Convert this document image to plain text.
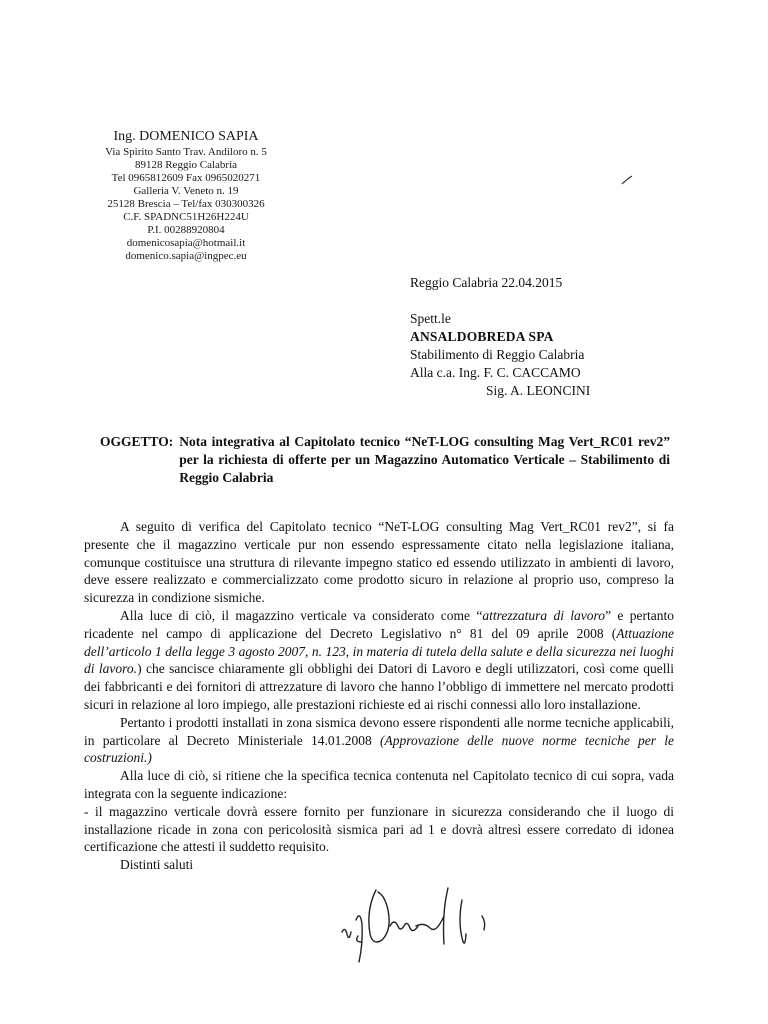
Ing. DOMENICO SAPIA
Via Spirito Santo Trav. Andiloro n. 5
89128 Reggio Calabria
Tel 0965812609 Fax 0965020271
Galleria V. Veneto n. 19
25128 Brescia – Tel/fax 030300326
C.F. SPADNC51H26H224U
P.I. 00288920804
domenicosapia@hotmail.it
domenico.sapia@ingpec.eu
Reggio Calabria 22.04.2015
Spett.le
ANSALDOBREDA SPA
Stabilimento di Reggio Calabria
Alla c.a. Ing. F. C. CACCAMO
Sig. A. LEONCINI
OGGETTO: Nota integrativa al Capitolato tecnico “NeT-LOG consulting Mag Vert_RC01 rev2” per la richiesta di offerte per un Magazzino Automatico Verticale – Stabilimento di Reggio Calabria

A seguito di verifica del Capitolato tecnico “NeT-LOG consulting Mag Vert_RC01 rev2”, si fa presente che il magazzino verticale pur non essendo espressamente citato nella legislazione italiana, comunque costituisce una struttura di rilevante impegno statico ed essendo utilizzato in ambienti di lavoro, deve essere realizzato e commercializzato come prodotto sicuro in relazione al proprio uso, compreso la sicurezza in condizione sismiche.

Alla luce di ciò, il magazzino verticale va considerato come “attrezzatura di lavoro” e pertanto ricadente nel campo di applicazione del Decreto Legislativo n° 81 del 09 aprile 2008 (Attuazione dell’articolo 1 della legge 3 agosto 2007, n. 123, in materia di tutela della salute e della sicurezza nei luoghi di lavoro.) che sancisce chiaramente gli obblighi dei Datori di Lavoro e degli utilizzatori, così come quelli dei fabbricanti e dei fornitori di attrezzature di lavoro che hanno l’obbligo di immettere nel mercato prodotti sicuri in relazione al loro impiego, alle prestazioni richieste ed ai rischi connessi allo loro installazione.

Pertanto i prodotti installati in zona sismica devono essere rispondenti alle norme tecniche applicabili, in particolare al Decreto Ministeriale 14.01.2008 (Approvazione delle nuove norme tecniche per le costruzioni.)

Alla luce di ciò, si ritiene che la specifica tecnica contenuta nel Capitolato tecnico di cui sopra, vada integrata con la seguente indicazione:

- il magazzino verticale dovrà essere fornito per funzionare in sicurezza considerando che il luogo di installazione ricade in zona con pericolosità sismica pari ad 1 e dovrà altresì essere corredato di idonea certificazione che attesti il suddetto requisito.

Distinti saluti
